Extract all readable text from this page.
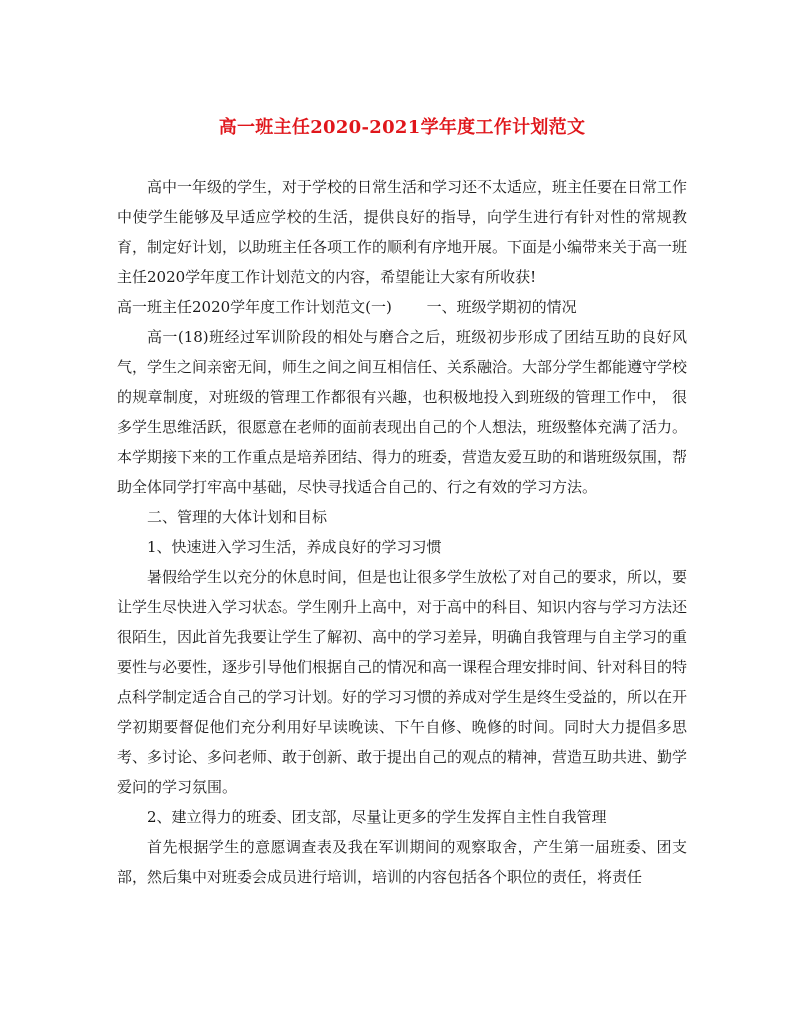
高一班主任2020-2021学年度工作计划范文

高中一年级的学生，对于学校的日常生活和学习还不太适应，班主任要在日常工作中使学生能够及早适应学校的生活，提供良好的指导，向学生进行有针对性的常规教育，制定好计划，以助班主任各项工作的顺利有序地开展。下面是小编带来关于高一班主任2020学年度工作计划范文的内容，希望能让大家有所收获!

高一班主任2020学年度工作计划范文(一)　　 一、班级学期初的情况

高一(18)班经过军训阶段的相处与磨合之后，班级初步形成了团结互助的良好风气，学生之间亲密无间，师生之间之间互相信任、关系融洽。大部分学生都能遵守学校的规章制度，对班级的管理工作都很有兴趣，也积极地投入到班级的管理工作中， 很多学生思维活跃，很愿意在老师的面前表现出自己的个人想法，班级整体充满了活力。本学期接下来的工作重点是培养团结、得力的班委，营造友爱互助的和谐班级氛围，帮助全体同学打牢高中基础，尽快寻找适合自己的、行之有效的学习方法。

二、管理的大体计划和目标

1、快速进入学习生活，养成良好的学习习惯

暑假给学生以充分的休息时间，但是也让很多学生放松了对自己的要求，所以，要让学生尽快进入学习状态。学生刚升上高中，对于高中的科目、知识内容与学习方法还很陌生，因此首先我要让学生了解初、高中的学习差异，明确自我管理与自主学习的重要性与必要性，逐步引导他们根据自己的情况和高一课程合理安排时间、针对科目的特点科学制定适合自己的学习计划。好的学习习惯的养成对学生是终生受益的，所以在开学初期要督促他们充分利用好早读晚读、下午自修、晚修的时间。同时大力提倡多思考、多讨论、多问老师、敢于创新、敢于提出自己的观点的精神，营造互助共进、勤学爱问的学习氛围。

2、建立得力的班委、团支部，尽量让更多的学生发挥自主性自我管理

首先根据学生的意愿调查表及我在军训期间的观察取舍，产生第一届班委、团支部，然后集中对班委会成员进行培训，培训的内容包括各个职位的责任，将责任
